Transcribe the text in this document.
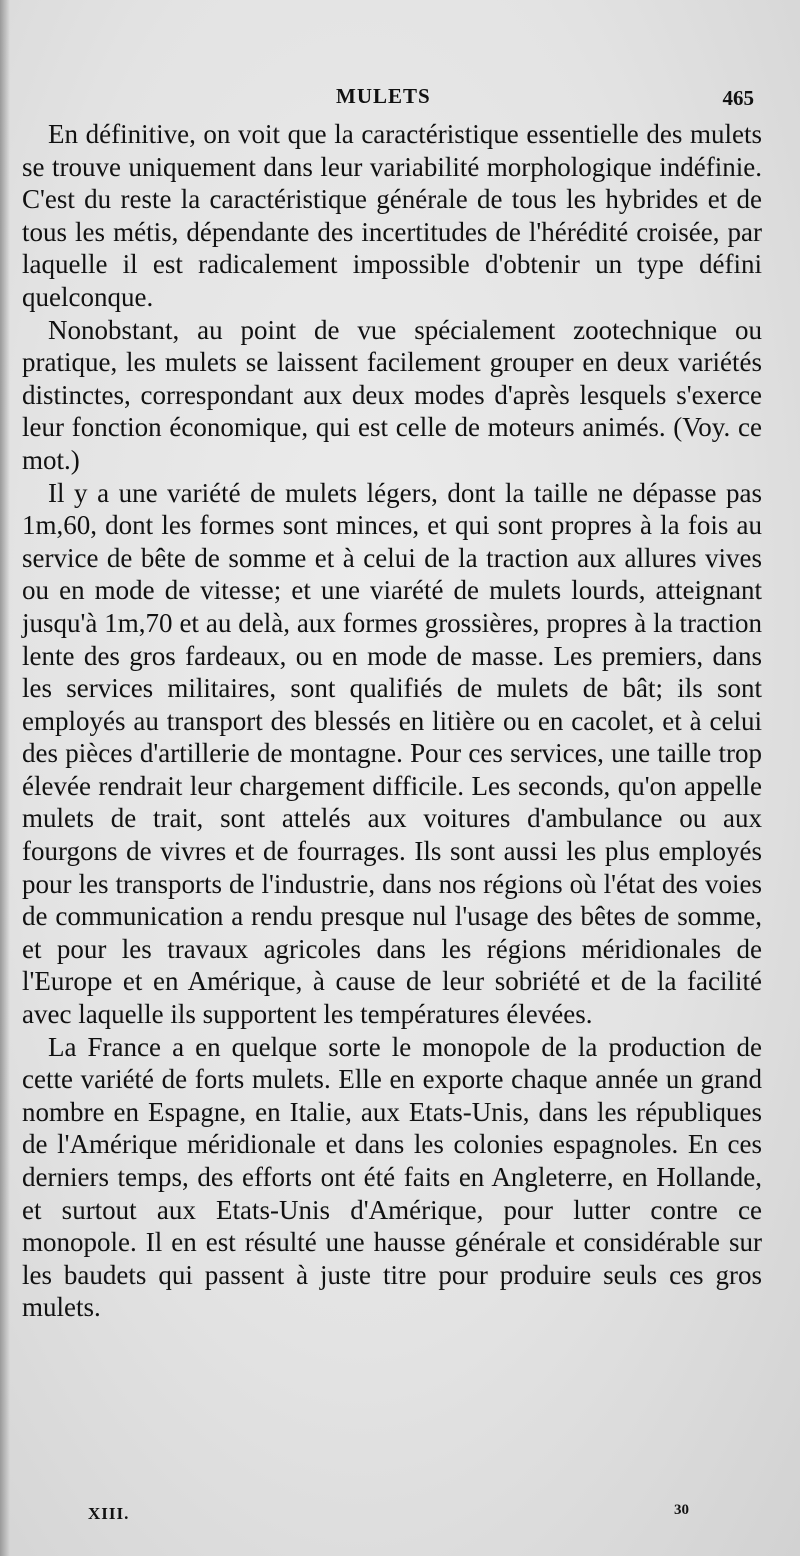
MULETS	465

En définitive, on voit que la caractéristique essentielle des mulets se trouve uniquement dans leur variabilité morphologique indéfinie. C'est du reste la caractéristique générale de tous les hybrides et de tous les métis, dépendante des incertitudes de l'hérédité croisée, par laquelle il est radicalement impossible d'obtenir un type défini quelconque.

Nonobstant, au point de vue spécialement zootechnique ou pratique, les mulets se laissent facilement grouper en deux variétés distinctes, correspondant aux deux modes d'après lesquels s'exerce leur fonction économique, qui est celle de moteurs animés. (Voy. ce mot.)

Il y a une variété de mulets légers, dont la taille ne dépasse pas 1m,60, dont les formes sont minces, et qui sont propres à la fois au service de bête de somme et à celui de la traction aux allures vives ou en mode de vitesse; et une viarété de mulets lourds, atteignant jusqu'à 1m,70 et au delà, aux formes grossières, propres à la traction lente des gros fardeaux, ou en mode de masse. Les premiers, dans les services militaires, sont qualifiés de mulets de bât; ils sont employés au transport des blessés en litière ou en cacolet, et à celui des pièces d'artillerie de montagne. Pour ces services, une taille trop élevée rendrait leur chargement difficile. Les seconds, qu'on appelle mulets de trait, sont attelés aux voitures d'ambulance ou aux fourgons de vivres et de fourrages. Ils sont aussi les plus employés pour les transports de l'industrie, dans nos régions où l'état des voies de communication a rendu presque nul l'usage des bêtes de somme, et pour les travaux agricoles dans les régions méridionales de l'Europe et en Amérique, à cause de leur sobriété et de la facilité avec laquelle ils supportent les températures élevées.

La France a en quelque sorte le monopole de la production de cette variété de forts mulets. Elle en exporte chaque année un grand nombre en Espagne, en Italie, aux Etats-Unis, dans les républiques de l'Amérique méridionale et dans les colonies espagnoles. En ces derniers temps, des efforts ont été faits en Angleterre, en Hollande, et surtout aux Etats-Unis d'Amérique, pour lutter contre ce monopole. Il en est résulté une hausse générale et considérable sur les baudets qui passent à juste titre pour produire seuls ces gros mulets.

XIII.	30
